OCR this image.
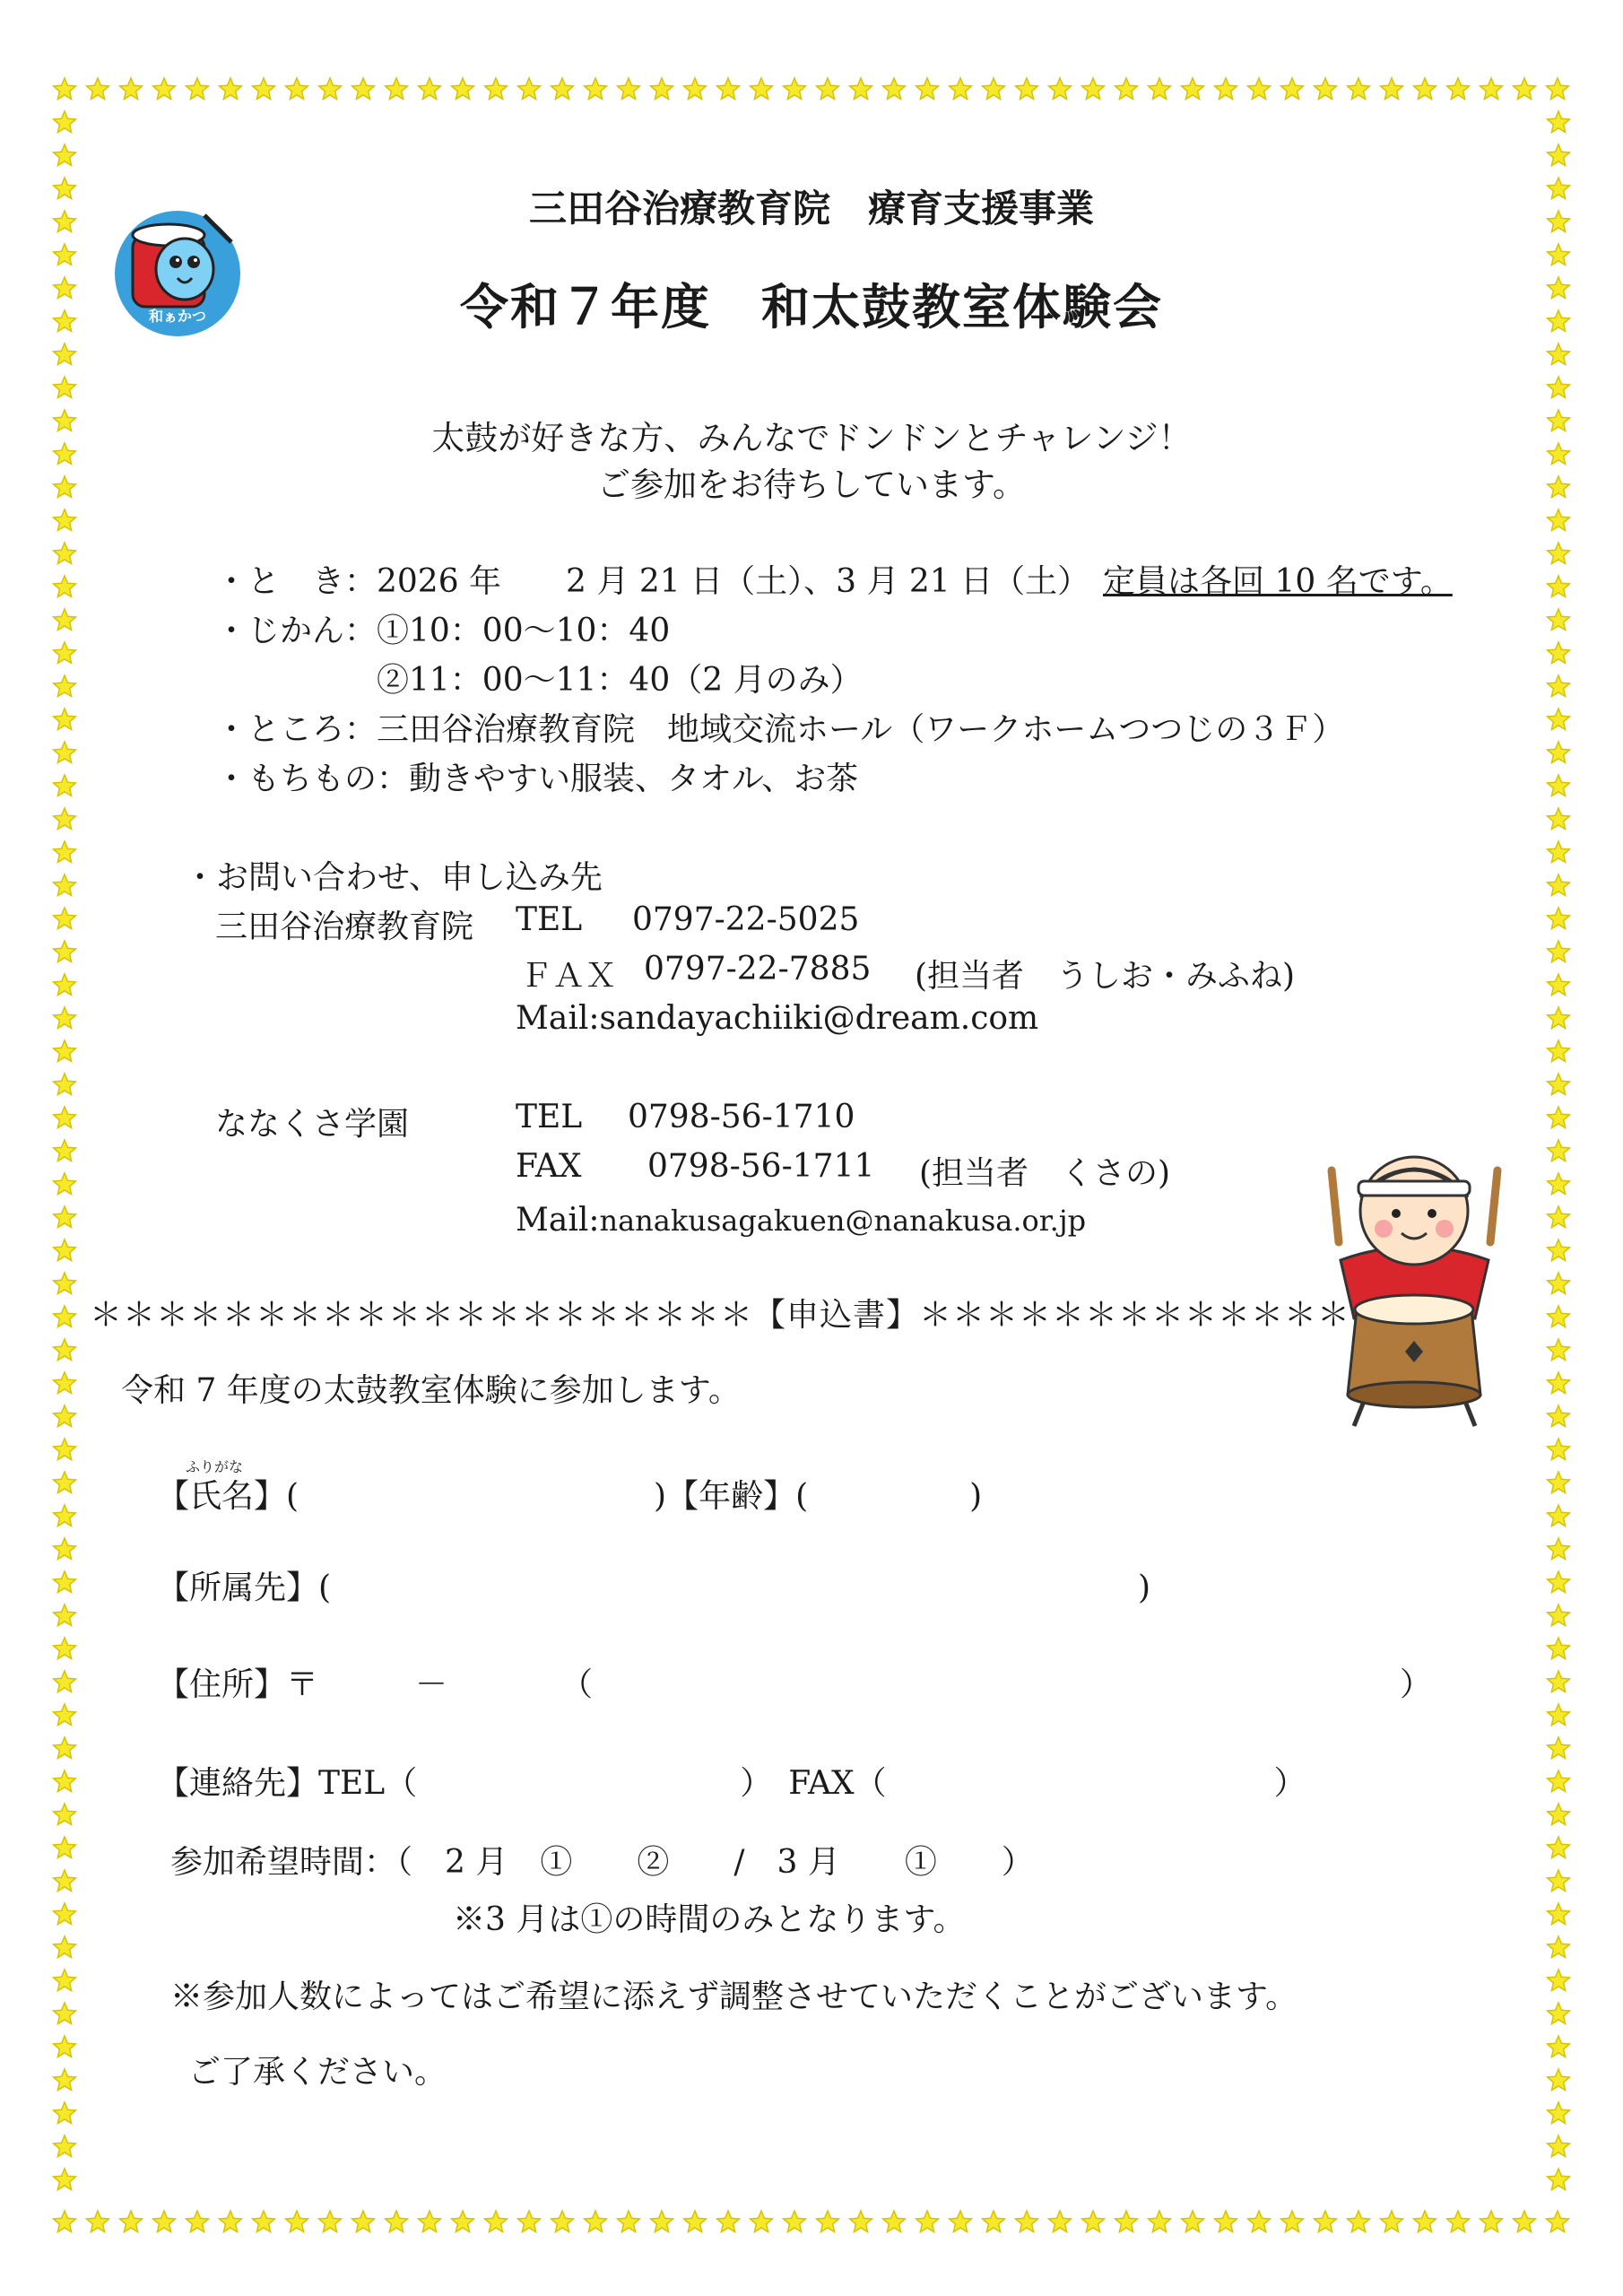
和ぁかつ
三田谷治療教育院　療育支援事業
令和７年度　和太鼓教室体験会
太鼓が好きな方、みんなでドンドンとチャレンジ！
ご参加をお待ちしています。
・と　き：2026 年　　2 月 21 日（土）、3 月 21 日（土） 定員は各回 10 名です。
・じかん：①10：00～10：40
②11：00～11：40（2 月のみ）
・ところ：三田谷治療教育院　地域交流ホール（ワークホームつつじの３Ｆ）
・もちもの：動きやすい服装、タオル、お茶
・お問い合わせ、申し込み先
三田谷治療教育院 TEL 0797-22-5025
ＦＡＸ 0797-22-7885 (担当者　うしお・みふね)
Mail:sandayachiiki@dream.com
ななくさ学園	TEL 0798-56-1710
FAX 0798-56-1711 (担当者　くさの)
Mail:nanakusagakuen@nanakusa.or.jp
＊＊＊＊＊＊＊＊＊＊＊＊＊＊＊＊＊＊＊＊【申込書】＊＊＊＊＊＊＊＊＊＊＊＊＊
令和 7 年度の太鼓教室体験に参加します。
ふりがな
【氏名】(　　　　　　　　　　　)【年齢】(　　　　　)
【所属先】(　　　　　　　　　　　　　　　　　　　　　　　　　)
【住所】〒　　　－　　　　（　　　　　　　　　　　　　　　　　　　　　　　　　）
【連絡先】TEL（　　　　　　　　　　）　FAX（　　　　　　　　　　　　）
参加希望時間：（　2 月　①　　②　　/　3 月　　①　　）
※3 月は①の時間のみとなります。
※参加人数によってはご希望に添えず調整させていただくことがございます。
ご了承ください。
